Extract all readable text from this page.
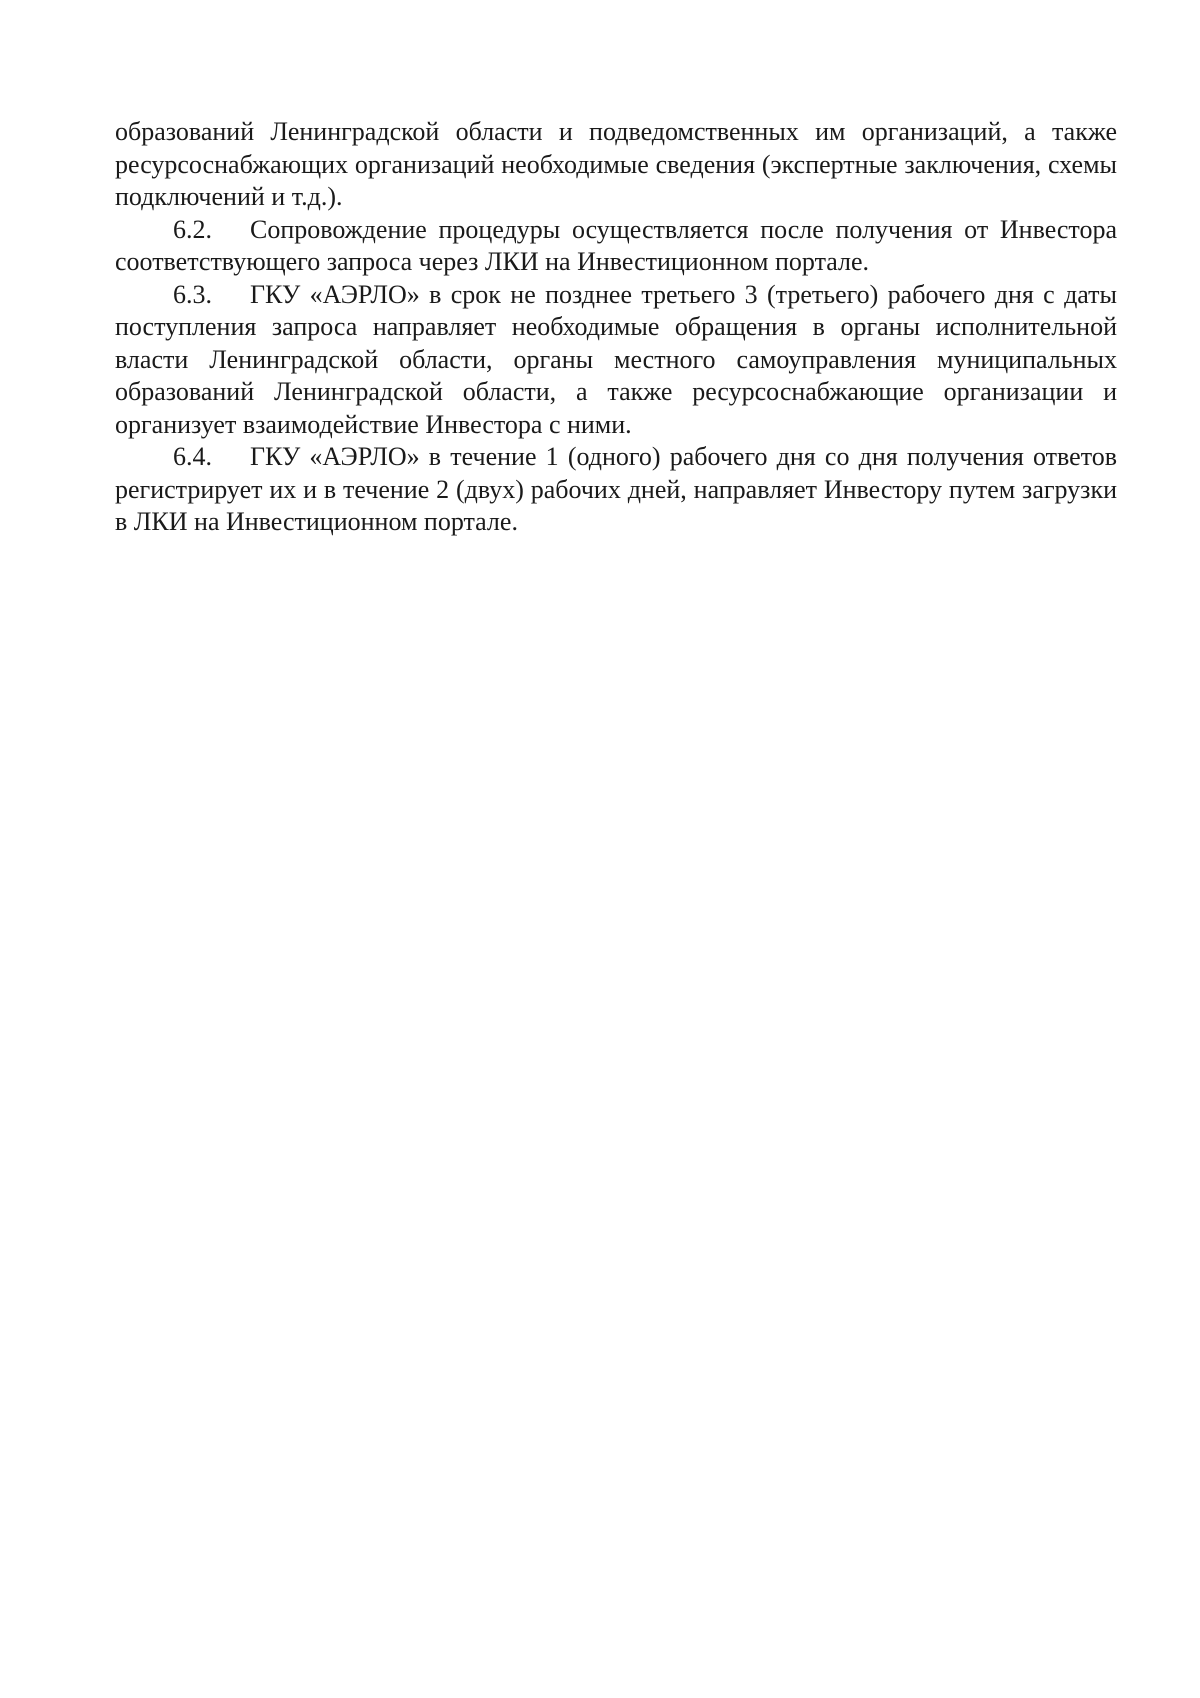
образований Ленинградской области и подведомственных им организаций, а также ресурсоснабжающих организаций необходимые сведения (экспертные заключения, схемы подключений и т.д.).

6.2. Сопровождение процедуры осуществляется после получения от Инвестора соответствующего запроса через ЛКИ на Инвестиционном портале.

6.3. ГКУ «АЭРЛО» в срок не позднее третьего 3 (третьего) рабочего дня с даты поступления запроса направляет необходимые обращения в органы исполнительной власти Ленинградской области, органы местного самоуправления муниципальных образований Ленинградской области, а также ресурсоснабжающие организации и организует взаимодействие Инвестора с ними.

6.4. ГКУ «АЭРЛО» в течение 1 (одного) рабочего дня со дня получения ответов регистрирует их и в течение 2 (двух) рабочих дней, направляет Инвестору путем загрузки в ЛКИ на Инвестиционном портале.
